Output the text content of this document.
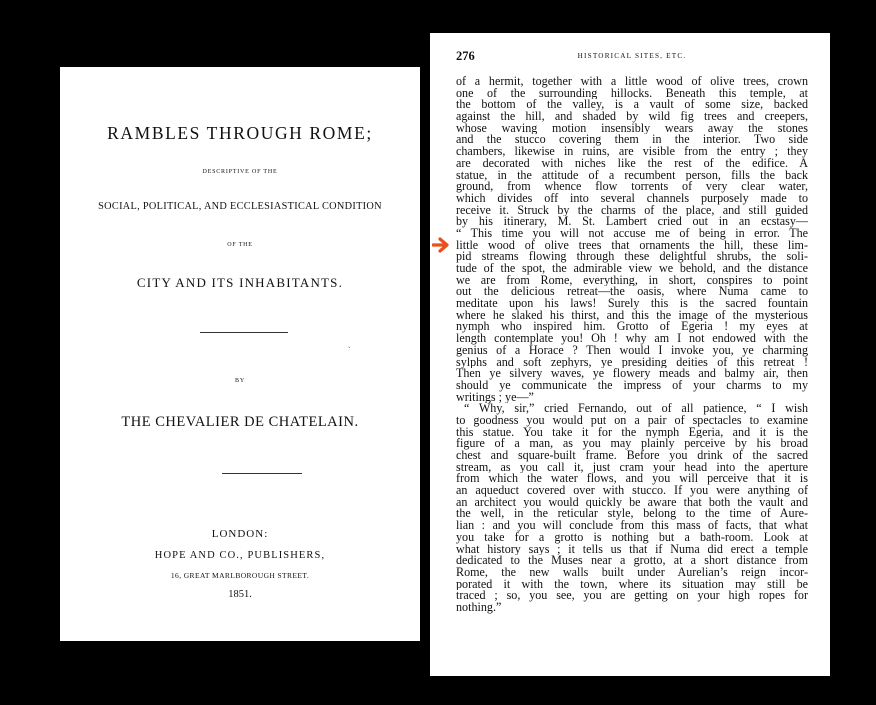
RAMBLES THROUGH ROME;
DESCRIPTIVE OF THE
SOCIAL, POLITICAL, AND ECCLESIASTICAL CONDITION
OF THE
CITY AND ITS INHABITANTS.
ˏ
BY
THE CHEVALIER DE CHATELAIN.
LONDON:
HOPE AND CO., PUBLISHERS,
16, GREAT MARLBOROUGH STREET.
1851.
276	HISTORICAL SITES, ETC.
of a hermit, together with a little wood of olive trees, crown
one of the surrounding hillocks. Beneath this temple, at
the bottom of the valley, is a vault of some size, backed
against the hill, and shaded by wild fig trees and creepers,
whose waving motion insensibly wears away the stones
and the stucco covering them in the interior. Two side
chambers, likewise in ruins, are visible from the entry ; they
are decorated with niches like the rest of the edifice. A
statue, in the attitude of a recumbent person, fills the back
ground, from whence flow torrents of very clear water,
which divides off into several channels purposely made to
receive it. Struck by the charms of the place, and still guided
by his itinerary, M. St. Lambert cried out in an ecstasy—
“ This time you will not accuse me of being in error. The
little wood of olive trees that ornaments the hill, these lim-
pid streams flowing through these delightful shrubs, the soli-
tude of the spot, the admirable view we behold, and the distance
we are from Rome, everything, in short, conspires to point
out the delicious retreat—the oasis, where Numa came to
meditate upon his laws! Surely this is the sacred fountain
where he slaked his thirst, and this the image of the mysterious
nymph who inspired him. Grotto of Egeria ! my eyes at
length contemplate you! Oh ! why am I not endowed with the
genius of a Horace ? Then would I invoke you, ye charming
sylphs and soft zephyrs, ye presiding deities of this retreat !
Then ye silvery waves, ye flowery meads and balmy air, then
should ye communicate the impress of your charms to my
writings ; ye—”
“ Why, sir,” cried Fernando, out of all patience, “ I wish
to goodness you would put on a pair of spectacles to examine
this statue. You take it for the nymph Egeria, and it is the
figure of a man, as you may plainly perceive by his broad
chest and square-built frame. Before you drink of the sacred
stream, as you call it, just cram your head into the aperture
from which the water flows, and you will perceive that it is
an aqueduct covered over with stucco. If you were anything of
an architect you would quickly be aware that both the vault and
the well, in the reticular style, belong to the time of Aure-
lian : and you will conclude from this mass of facts, that what
you take for a grotto is nothing but a bath-room. Look at
what history says ; it tells us that if Numa did erect a temple
dedicated to the Muses near a grotto, at a short distance from
Rome, the new walls built under Aurelian’s reign incor-
porated it with the town, where its situation may still be
traced ; so, you see, you are getting on your high ropes for
nothing.”
